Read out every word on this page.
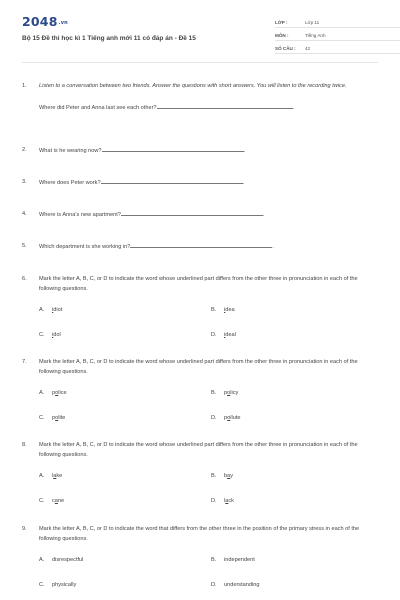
2048.vn
Bộ 15 Đề thi học kì 1 Tiếng anh mới 11 có đáp án - Đề 15
LỚP :	Lớp 11
MÔN :	Tiếng Anh
SỐ CÂU :	42
1.	Listen to a conversation between two friends. Answer the questions with short answers. You will listen to the recording twice.
Where did Peter and Anna last see each other?	.
2.	What is he wearing now?	.
3.	Where does Peter work?	.
4.	Where is Anna's new apartment?	.
5.	Which department is she working in?	.
6.	Mark the letter A, B, C, or D to indicate the word whose underlined part differs from the other three in pronunciation in each of the following questions.
A.	idiot	B.	idea
C.	idol	D.	ideal
7.	Mark the letter A, B, C, or D to indicate the word whose underlined part differs from the other three in pronunciation in each of the following questions.
A.	police	B.	policy
C.	polite	D.	pollute
8.	Mark the letter A, B, C, or D to indicate the word whose underlined part differs from the other three in pronunciation in each of the following questions.
A.	lake	B.	bay
C.	cane	D.	lack
9.	Mark the letter A, B, C, or D to indicate the word that differs from the other three in the position of the primary stress in each of the following questions.
A.	disrespectful	B.	independent
C.	physically	D.	understanding
